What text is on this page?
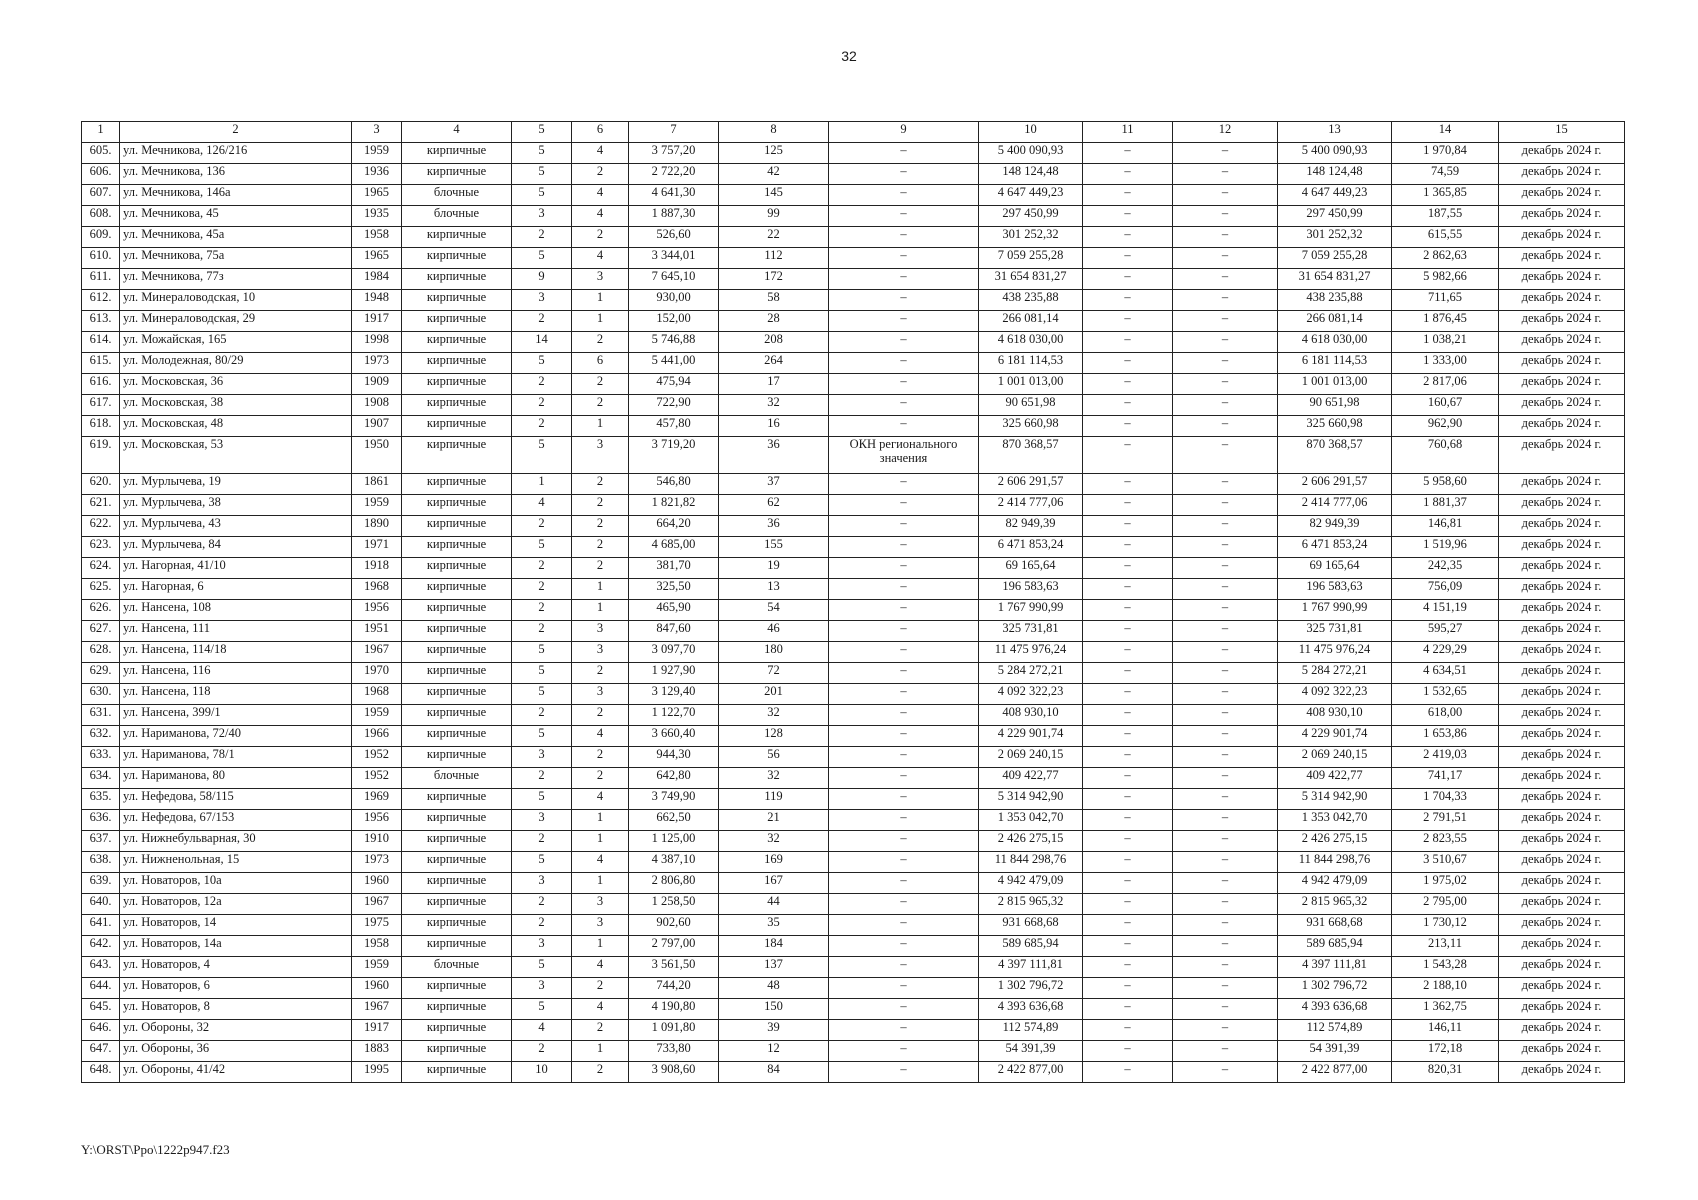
32
1	2	3	4	5	6	7	8	9	10	11	12	13	14	15
605.	ул. Мечникова, 126/216	1959	кирпичные	5	4	3 757,20	125	–	5 400 090,93	–	–	5 400 090,93	1 970,84	декабрь 2024 г.
606.	ул. Мечникова, 136	1936	кирпичные	5	2	2 722,20	42	–	148 124,48	–	–	148 124,48	74,59	декабрь 2024 г.
607.	ул. Мечникова, 146а	1965	блочные	5	4	4 641,30	145	–	4 647 449,23	–	–	4 647 449,23	1 365,85	декабрь 2024 г.
608.	ул. Мечникова, 45	1935	блочные	3	4	1 887,30	99	–	297 450,99	–	–	297 450,99	187,55	декабрь 2024 г.
609.	ул. Мечникова, 45а	1958	кирпичные	2	2	526,60	22	–	301 252,32	–	–	301 252,32	615,55	декабрь 2024 г.
610.	ул. Мечникова, 75а	1965	кирпичные	5	4	3 344,01	112	–	7 059 255,28	–	–	7 059 255,28	2 862,63	декабрь 2024 г.
611.	ул. Мечникова, 77з	1984	кирпичные	9	3	7 645,10	172	–	31 654 831,27	–	–	31 654 831,27	5 982,66	декабрь 2024 г.
612.	ул. Минераловодская, 10	1948	кирпичные	3	1	930,00	58	–	438 235,88	–	–	438 235,88	711,65	декабрь 2024 г.
613.	ул. Минераловодская, 29	1917	кирпичные	2	1	152,00	28	–	266 081,14	–	–	266 081,14	1 876,45	декабрь 2024 г.
614.	ул. Можайская, 165	1998	кирпичные	14	2	5 746,88	208	–	4 618 030,00	–	–	4 618 030,00	1 038,21	декабрь 2024 г.
615.	ул. Молодежная, 80/29	1973	кирпичные	5	6	5 441,00	264	–	6 181 114,53	–	–	6 181 114,53	1 333,00	декабрь 2024 г.
616.	ул. Московская, 36	1909	кирпичные	2	2	475,94	17	–	1 001 013,00	–	–	1 001 013,00	2 817,06	декабрь 2024 г.
617.	ул. Московская, 38	1908	кирпичные	2	2	722,90	32	–	90 651,98	–	–	90 651,98	160,67	декабрь 2024 г.
618.	ул. Московская, 48	1907	кирпичные	2	1	457,80	16	–	325 660,98	–	–	325 660,98	962,90	декабрь 2024 г.
619.	ул. Московская, 53	1950	кирпичные	5	3	3 719,20	36	ОКН регионального значения	870 368,57	–	–	870 368,57	760,68	декабрь 2024 г.
620.	ул. Мурлычева, 19	1861	кирпичные	1	2	546,80	37	–	2 606 291,57	–	–	2 606 291,57	5 958,60	декабрь 2024 г.
621.	ул. Мурлычева, 38	1959	кирпичные	4	2	1 821,82	62	–	2 414 777,06	–	–	2 414 777,06	1 881,37	декабрь 2024 г.
622.	ул. Мурлычева, 43	1890	кирпичные	2	2	664,20	36	–	82 949,39	–	–	82 949,39	146,81	декабрь 2024 г.
623.	ул. Мурлычева, 84	1971	кирпичные	5	2	4 685,00	155	–	6 471 853,24	–	–	6 471 853,24	1 519,96	декабрь 2024 г.
624.	ул. Нагорная, 41/10	1918	кирпичные	2	2	381,70	19	–	69 165,64	–	–	69 165,64	242,35	декабрь 2024 г.
625.	ул. Нагорная, 6	1968	кирпичные	2	1	325,50	13	–	196 583,63	–	–	196 583,63	756,09	декабрь 2024 г.
626.	ул. Нансена, 108	1956	кирпичные	2	1	465,90	54	–	1 767 990,99	–	–	1 767 990,99	4 151,19	декабрь 2024 г.
627.	ул. Нансена, 111	1951	кирпичные	2	3	847,60	46	–	325 731,81	–	–	325 731,81	595,27	декабрь 2024 г.
628.	ул. Нансена, 114/18	1967	кирпичные	5	3	3 097,70	180	–	11 475 976,24	–	–	11 475 976,24	4 229,29	декабрь 2024 г.
629.	ул. Нансена, 116	1970	кирпичные	5	2	1 927,90	72	–	5 284 272,21	–	–	5 284 272,21	4 634,51	декабрь 2024 г.
630.	ул. Нансена, 118	1968	кирпичные	5	3	3 129,40	201	–	4 092 322,23	–	–	4 092 322,23	1 532,65	декабрь 2024 г.
631.	ул. Нансена, 399/1	1959	кирпичные	2	2	1 122,70	32	–	408 930,10	–	–	408 930,10	618,00	декабрь 2024 г.
632.	ул. Нариманова, 72/40	1966	кирпичные	5	4	3 660,40	128	–	4 229 901,74	–	–	4 229 901,74	1 653,86	декабрь 2024 г.
633.	ул. Нариманова, 78/1	1952	кирпичные	3	2	944,30	56	–	2 069 240,15	–	–	2 069 240,15	2 419,03	декабрь 2024 г.
634.	ул. Нариманова, 80	1952	блочные	2	2	642,80	32	–	409 422,77	–	–	409 422,77	741,17	декабрь 2024 г.
635.	ул. Нефедова, 58/115	1969	кирпичные	5	4	3 749,90	119	–	5 314 942,90	–	–	5 314 942,90	1 704,33	декабрь 2024 г.
636.	ул. Нефедова, 67/153	1956	кирпичные	3	1	662,50	21	–	1 353 042,70	–	–	1 353 042,70	2 791,51	декабрь 2024 г.
637.	ул. Нижнебульварная, 30	1910	кирпичные	2	1	1 125,00	32	–	2 426 275,15	–	–	2 426 275,15	2 823,55	декабрь 2024 г.
638.	ул. Нижненольная, 15	1973	кирпичные	5	4	4 387,10	169	–	11 844 298,76	–	–	11 844 298,76	3 510,67	декабрь 2024 г.
639.	ул. Новаторов, 10а	1960	кирпичные	3	1	2 806,80	167	–	4 942 479,09	–	–	4 942 479,09	1 975,02	декабрь 2024 г.
640.	ул. Новаторов, 12а	1967	кирпичные	2	3	1 258,50	44	–	2 815 965,32	–	–	2 815 965,32	2 795,00	декабрь 2024 г.
641.	ул. Новаторов, 14	1975	кирпичные	2	3	902,60	35	–	931 668,68	–	–	931 668,68	1 730,12	декабрь 2024 г.
642.	ул. Новаторов, 14а	1958	кирпичные	3	1	2 797,00	184	–	589 685,94	–	–	589 685,94	213,11	декабрь 2024 г.
643.	ул. Новаторов, 4	1959	блочные	5	4	3 561,50	137	–	4 397 111,81	–	–	4 397 111,81	1 543,28	декабрь 2024 г.
644.	ул. Новаторов, 6	1960	кирпичные	3	2	744,20	48	–	1 302 796,72	–	–	1 302 796,72	2 188,10	декабрь 2024 г.
645.	ул. Новаторов, 8	1967	кирпичные	5	4	4 190,80	150	–	4 393 636,68	–	–	4 393 636,68	1 362,75	декабрь 2024 г.
646.	ул. Обороны, 32	1917	кирпичные	4	2	1 091,80	39	–	112 574,89	–	–	112 574,89	146,11	декабрь 2024 г.
647.	ул. Обороны, 36	1883	кирпичные	2	1	733,80	12	–	54 391,39	–	–	54 391,39	172,18	декабрь 2024 г.
648.	ул. Обороны, 41/42	1995	кирпичные	10	2	3 908,60	84	–	2 422 877,00	–	–	2 422 877,00	820,31	декабрь 2024 г.
Y:\ORST\Ppo\1222p947.f23
